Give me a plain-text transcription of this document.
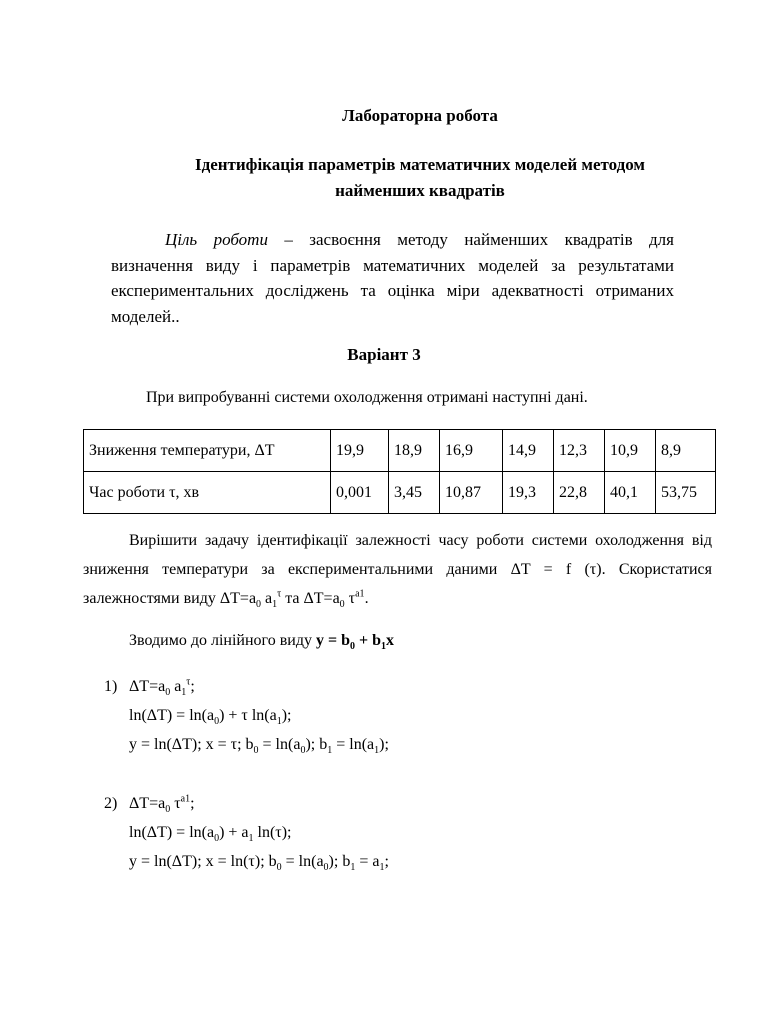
Лабораторна робота
Ідентифікація параметрів математичних моделей методом найменших квадратів
Ціль роботи – засвоєння методу найменших квадратів для визначення виду і параметрів математичних моделей за результатами експериментальних досліджень та оцінка міри адекватності отриманих моделей..
Варіант 3
При випробуванні системи охолодження отримані наступні дані.
Зниження температури, ΔT	19,9	18,9	16,9	14,9	12,3	10,9	8,9
Час роботи τ, хв	0,001	3,45	10,87	19,3	22,8	40,1	53,75
Вирішити задачу ідентифікації залежності часу роботи системи охолодження від зниження температури за експериментальними даними ΔT = f (τ). Скористатися залежностями виду $\Delta T=a_0$ $a_1^\tau$ та $\Delta T=a_0$ $\tau^{a1}$.
Зводимо до лінійного виду $y = b_0 + b_1x$
1) $\Delta T=a_0$ $a_1^\tau$;
$\ln(\Delta T) = \ln(a_0) + \tau$ $\ln(a_1)$;
y = ln(ΔT); x = τ; $b_0 = \ln(a_0)$; $b_1 = \ln(a_1)$;
2) $\Delta T=a_0$ $\tau^{a1}$;
$\ln(\Delta T) = \ln(a_0) + a_1$ ln(τ);
y = ln(ΔT); x = ln(τ); $b_0 = \ln(a_0)$; $b_1 = a_1$;
